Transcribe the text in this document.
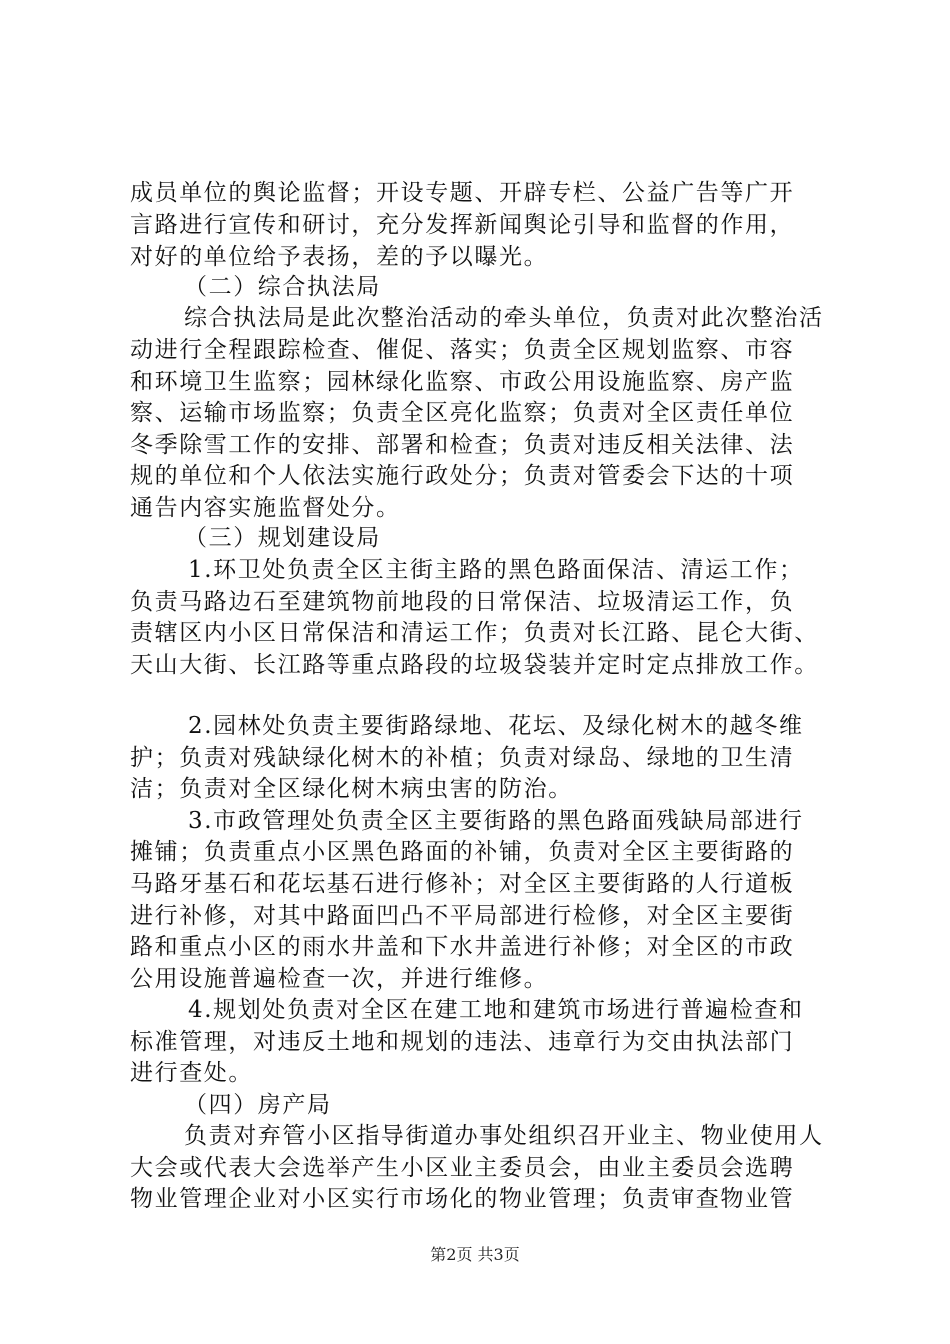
成员单位的舆论监督；开设专题、开辟专栏、公益广告等广开
言路进行宣传和研讨，充分发挥新闻舆论引导和监督的作用，
对好的单位给予表扬，差的予以曝光。
（二）综合执法局
综合执法局是此次整治活动的牵头单位，负责对此次整治活
动进行全程跟踪检查、催促、落实；负责全区规划监察、市容
和环境卫生监察；园林绿化监察、市政公用设施监察、房产监
察、运输市场监察；负责全区亮化监察；负责对全区责任单位
冬季除雪工作的安排、部署和检查；负责对违反相关法律、法
规的单位和个人依法实施行政处分；负责对管委会下达的十项
通告内容实施监督处分。
（三）规划建设局
1.环卫处负责全区主街主路的黑色路面保洁、清运工作；
负责马路边石至建筑物前地段的日常保洁、垃圾清运工作，负
责辖区内小区日常保洁和清运工作；负责对长江路、昆仑大街、
天山大街、长江路等重点路段的垃圾袋装并定时定点排放工作。
2.园林处负责主要街路绿地、花坛、及绿化树木的越冬维
护；负责对残缺绿化树木的补植；负责对绿岛、绿地的卫生清
洁；负责对全区绿化树木病虫害的防治。
3.市政管理处负责全区主要街路的黑色路面残缺局部进行
摊铺；负责重点小区黑色路面的补铺，负责对全区主要街路的
马路牙基石和花坛基石进行修补；对全区主要街路的人行道板
进行补修，对其中路面凹凸不平局部进行检修，对全区主要街
路和重点小区的雨水井盖和下水井盖进行补修；对全区的市政
公用设施普遍检查一次，并进行维修。
4.规划处负责对全区在建工地和建筑市场进行普遍检查和
标准管理，对违反土地和规划的违法、违章行为交由执法部门
进行查处。
（四）房产局
负责对弃管小区指导街道办事处组织召开业主、物业使用人
大会或代表大会选举产生小区业主委员会，由业主委员会选聘
物业管理企业对小区实行市场化的物业管理；负责审查物业管
第2页 共3页
